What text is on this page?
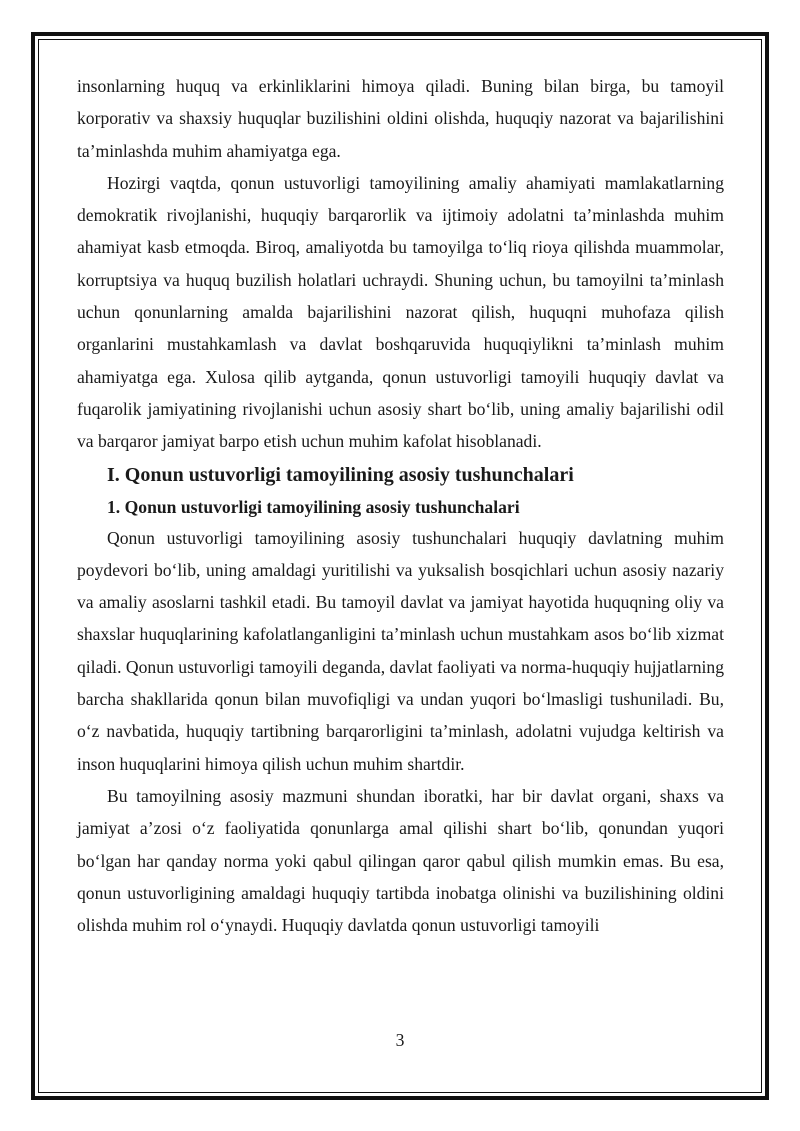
insonlarning huquq va erkinliklarini himoya qiladi. Buning bilan birga, bu tamoyil korporativ va shaxsiy huquqlar buzilishini oldini olishda, huquqiy nazorat va bajarilishini ta’minlashda muhim ahamiyatga ega.

Hozirgi vaqtda, qonun ustuvorligi tamoyilining amaliy ahamiyati mamlakatlarning demokratik rivojlanishi, huquqiy barqarorlik va ijtimoiy adolatni ta’minlashda muhim ahamiyat kasb etmoqda. Biroq, amaliyotda bu tamoyilga to‘liq rioya qilishda muammolar, korruptsiya va huquq buzilish holatlari uchraydi. Shuning uchun, bu tamoyilni ta’minlash uchun qonunlarning amalda bajarilishini nazorat qilish, huquqni muhofaza qilish organlarini mustahkamlash va davlat boshqaruvida huquqiylikni ta’minlash muhim ahamiyatga ega. Xulosa qilib aytganda, qonun ustuvorligi tamoyili huquqiy davlat va fuqarolik jamiyatining rivojlanishi uchun asosiy shart bo‘lib, uning amaliy bajarilishi odil va barqaror jamiyat barpo etish uchun muhim kafolat hisoblanadi.

I. Qonun ustuvorligi tamoyilining asosiy tushunchalari
1. Qonun ustuvorligi tamoyilining asosiy tushunchalari

Qonun ustuvorligi tamoyilining asosiy tushunchalari huquqiy davlatning muhim poydevori bo‘lib, uning amaldagi yuritilishi va yuksalish bosqichlari uchun asosiy nazariy va amaliy asoslarni tashkil etadi. Bu tamoyil davlat va jamiyat hayotida huquqning oliy va shaxslar huquqlarining kafolatlanganligini ta’minlash uchun mustahkam asos bo‘lib xizmat qiladi. Qonun ustuvorligi tamoyili deganda, davlat faoliyati va norma-huquqiy hujjatlarning barcha shakllarida qonun bilan muvofiqligi va undan yuqori bo‘lmasligi tushuniladi. Bu, o‘z navbatida, huquqiy tartibning barqarorligini ta’minlash, adolatni vujudga keltirish va inson huquqlarini himoya qilish uchun muhim shartdir.

Bu tamoyilning asosiy mazmuni shundan iboratki, har bir davlat organi, shaxs va jamiyat a’zosi o‘z faoliyatida qonunlarga amal qilishi shart bo‘lib, qonundan yuqori bo‘lgan har qanday norma yoki qabul qilingan qaror qabul qilish mumkin emas. Bu esa, qonun ustuvorligining amaldagi huquqiy tartibda inobatga olinishi va buzilishining oldini olishda muhim rol o‘ynaydi. Huquqiy davlatda qonun ustuvorligi tamoyili

3
